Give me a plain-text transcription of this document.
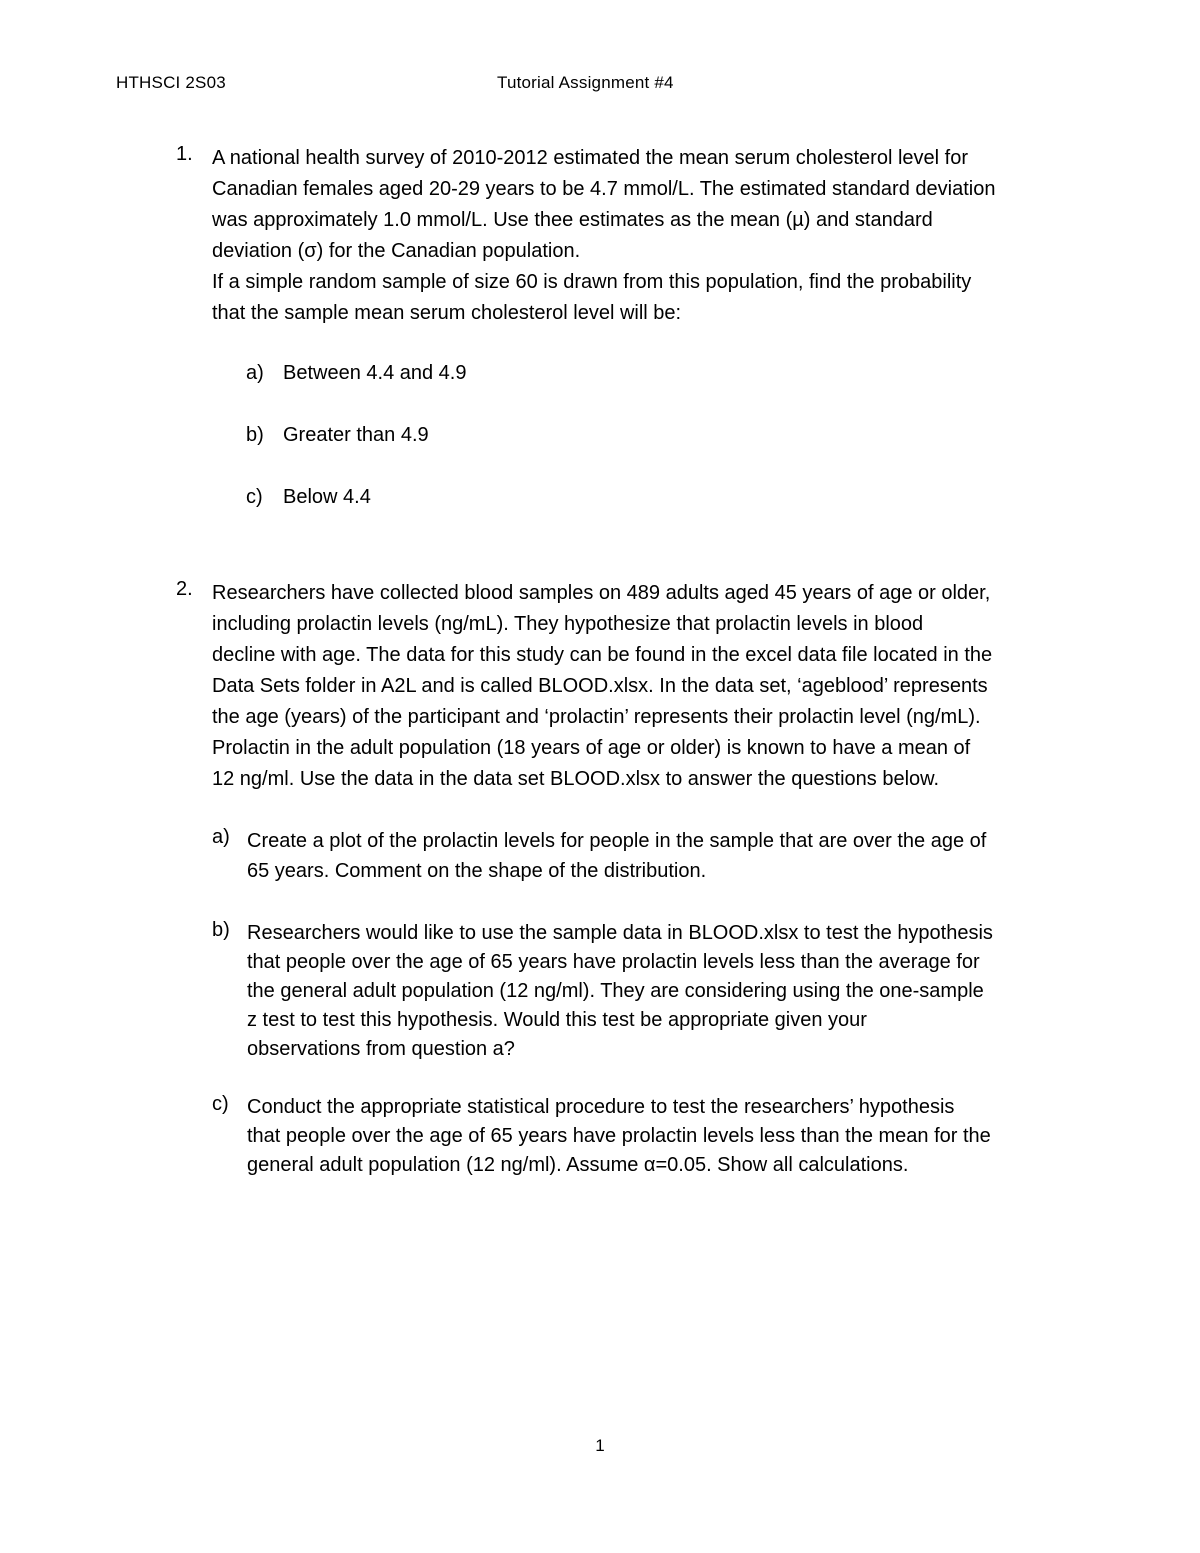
HTHSCI 2S03	Tutorial Assignment #4
1. A national health survey of 2010-2012 estimated the mean serum cholesterol level for
Canadian females aged 20-29 years to be 4.7 mmol/L. The estimated standard deviation
was approximately 1.0 mmol/L. Use thee estimates as the mean (µ) and standard
deviation (σ) for the Canadian population.
If a simple random sample of size 60 is drawn from this population, find the probability
that the sample mean serum cholesterol level will be:
a) Between 4.4 and 4.9
b) Greater than 4.9
c) Below 4.4
2. Researchers have collected blood samples on 489 adults aged 45 years of age or older,
including prolactin levels (ng/mL). They hypothesize that prolactin levels in blood
decline with age. The data for this study can be found in the excel data file located in the
Data Sets folder in A2L and is called BLOOD.xlsx. In the data set, ‘ageblood’ represents
the age (years) of the participant and ‘prolactin’ represents their prolactin level (ng/mL).
Prolactin in the adult population (18 years of age or older) is known to have a mean of
12 ng/ml. Use the data in the data set BLOOD.xlsx to answer the questions below.
a) Create a plot of the prolactin levels for people in the sample that are over the age of
65 years. Comment on the shape of the distribution.
b) Researchers would like to use the sample data in BLOOD.xlsx to test the hypothesis
that people over the age of 65 years have prolactin levels less than the average for
the general adult population (12 ng/ml). They are considering using the one-sample
z test to test this hypothesis. Would this test be appropriate given your
observations from question a?
c) Conduct the appropriate statistical procedure to test the researchers’ hypothesis
that people over the age of 65 years have prolactin levels less than the mean for the
general adult population (12 ng/ml). Assume α=0.05. Show all calculations.
1
